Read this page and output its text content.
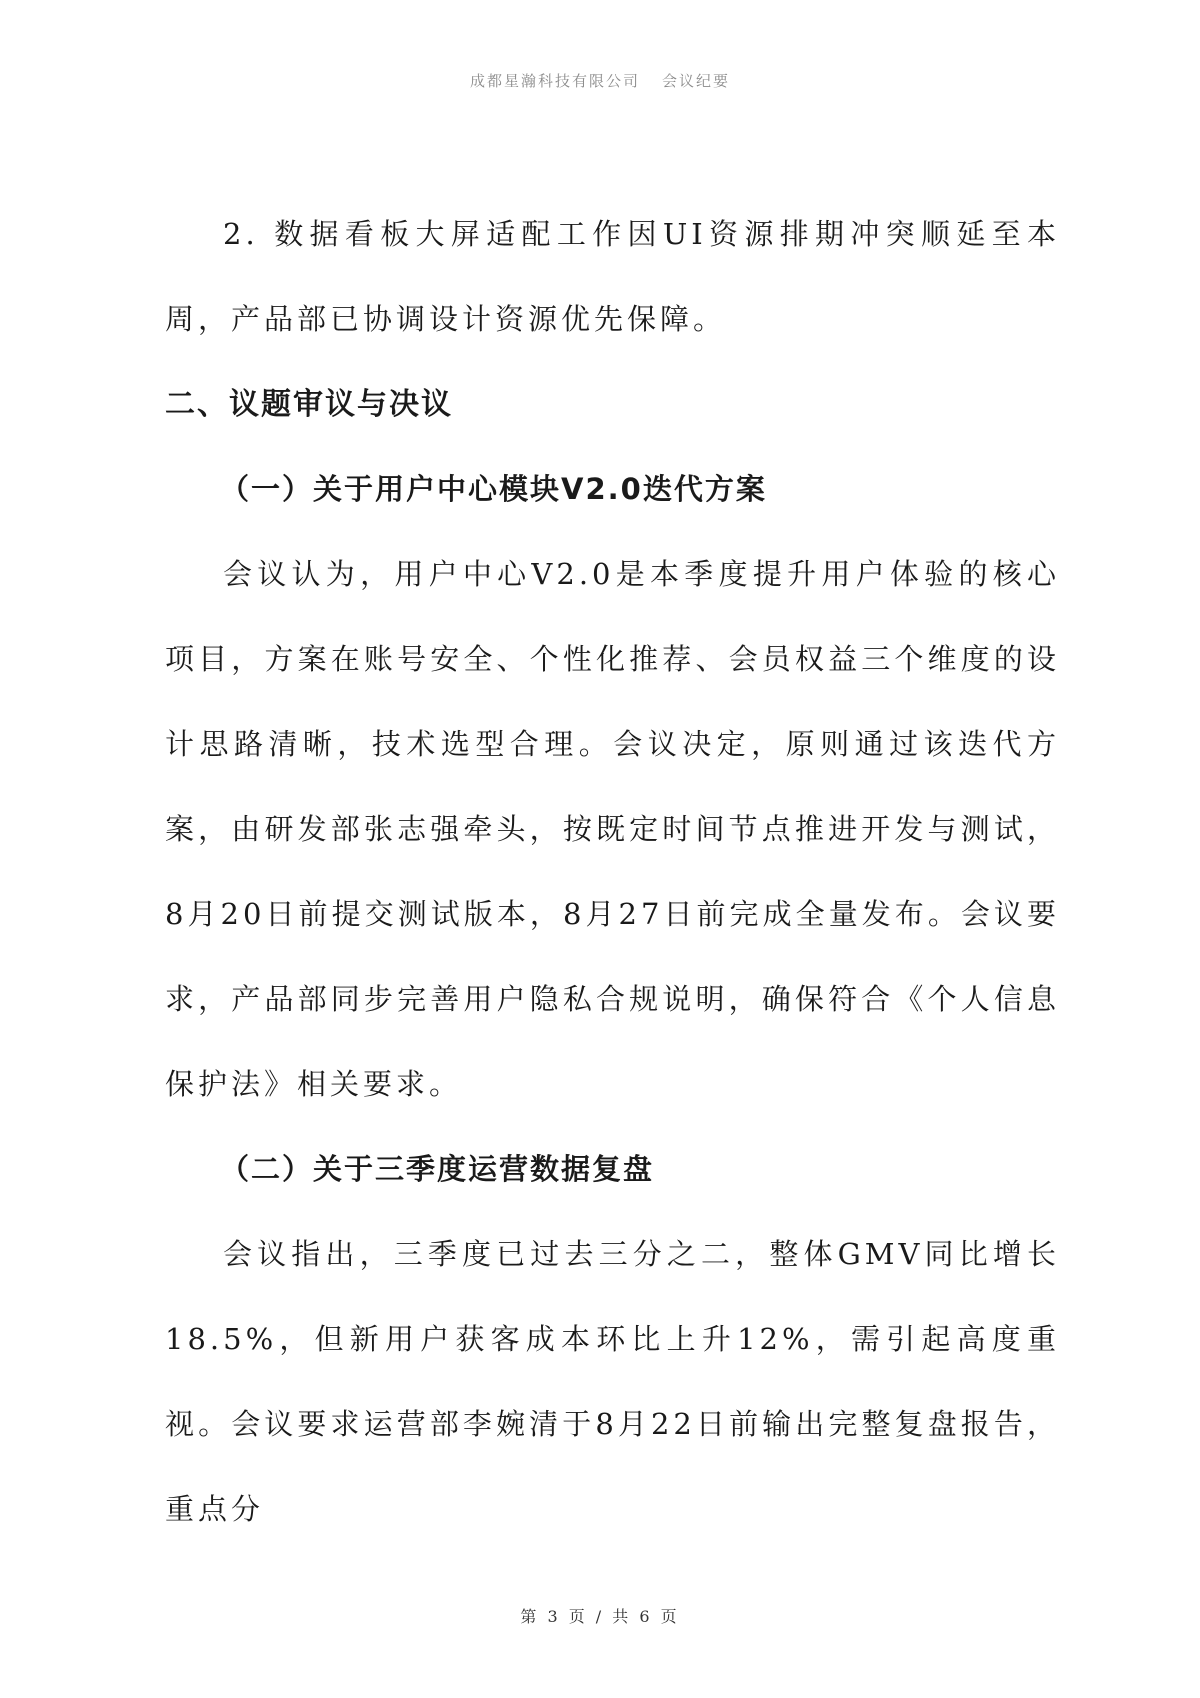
成都星瀚科技有限公司 会议纪要

2. 数据看板大屏适配工作因UI资源排期冲突顺延至本周，产品部已协调设计资源优先保障。

二、议题审议与决议

（一）关于用户中心模块V2.0迭代方案

会议认为，用户中心V2.0是本季度提升用户体验的核心项目，方案在账号安全、个性化推荐、会员权益三个维度的设计思路清晰，技术选型合理。会议决定，原则通过该迭代方案，由研发部张志强牵头，按既定时间节点推进开发与测试，8月20日前提交测试版本，8月27日前完成全量发布。会议要求，产品部同步完善用户隐私合规说明，确保符合《个人信息保护法》相关要求。

（二）关于三季度运营数据复盘

会议指出，三季度已过去三分之二，整体GMV同比增长18.5%，但新用户获客成本环比上升12%，需引起高度重视。会议要求运营部李婉清于8月22日前输出完整复盘报告，重点分

第 3 页 / 共 6 页
